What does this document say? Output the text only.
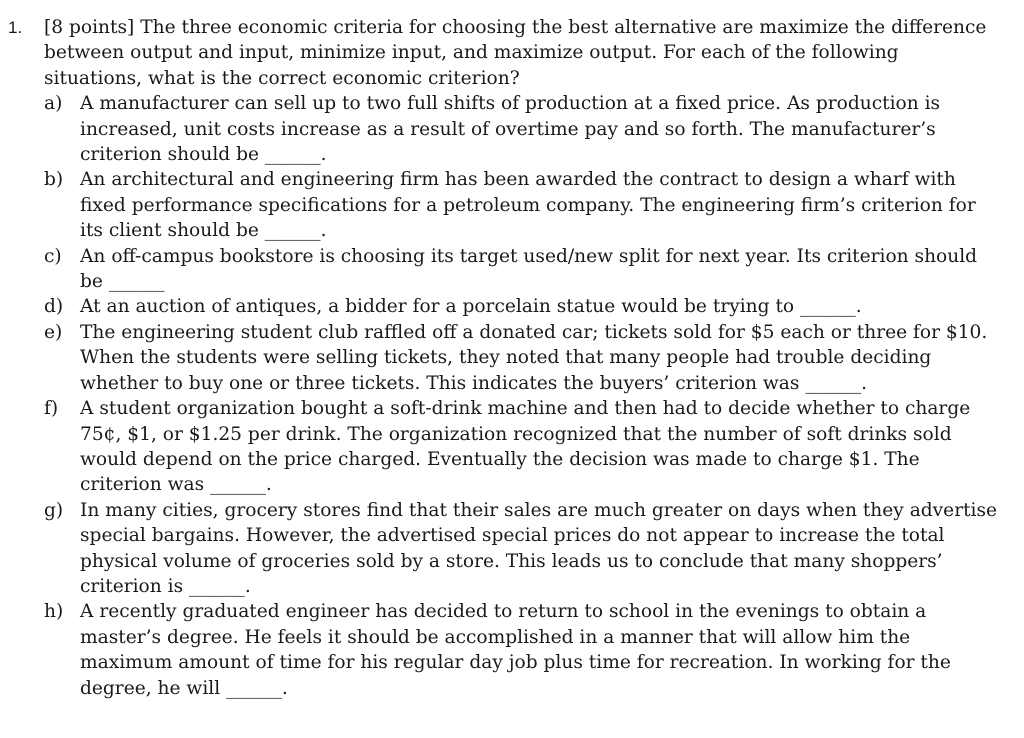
1. [8 points] The three economic criteria for choosing the best alternative are maximize the difference between output and input, minimize input, and maximize output. For each of the following situations, what is the correct economic criterion?
a) A manufacturer can sell up to two full shifts of production at a fixed price. As production is increased, unit costs increase as a result of overtime pay and so forth. The manufacturer’s criterion should be ______.
b) An architectural and engineering firm has been awarded the contract to design a wharf with fixed performance specifications for a petroleum company. The engineering firm’s criterion for its client should be ______.
c) An off-campus bookstore is choosing its target used/new split for next year. Its criterion should be ______
d) At an auction of antiques, a bidder for a porcelain statue would be trying to ______.
e) The engineering student club raffled off a donated car; tickets sold for $5 each or three for $10. When the students were selling tickets, they noted that many people had trouble deciding whether to buy one or three tickets. This indicates the buyers’ criterion was ______.
f) A student organization bought a soft-drink machine and then had to decide whether to charge 75¢, $1, or $1.25 per drink. The organization recognized that the number of soft drinks sold would depend on the price charged. Eventually the decision was made to charge $1. The criterion was ______.
g) In many cities, grocery stores find that their sales are much greater on days when they advertise special bargains. However, the advertised special prices do not appear to increase the total physical volume of groceries sold by a store. This leads us to conclude that many shoppers’ criterion is ______.
h) A recently graduated engineer has decided to return to school in the evenings to obtain a master’s degree. He feels it should be accomplished in a manner that will allow him the maximum amount of time for his regular day job plus time for recreation. In working for the degree, he will ______.
